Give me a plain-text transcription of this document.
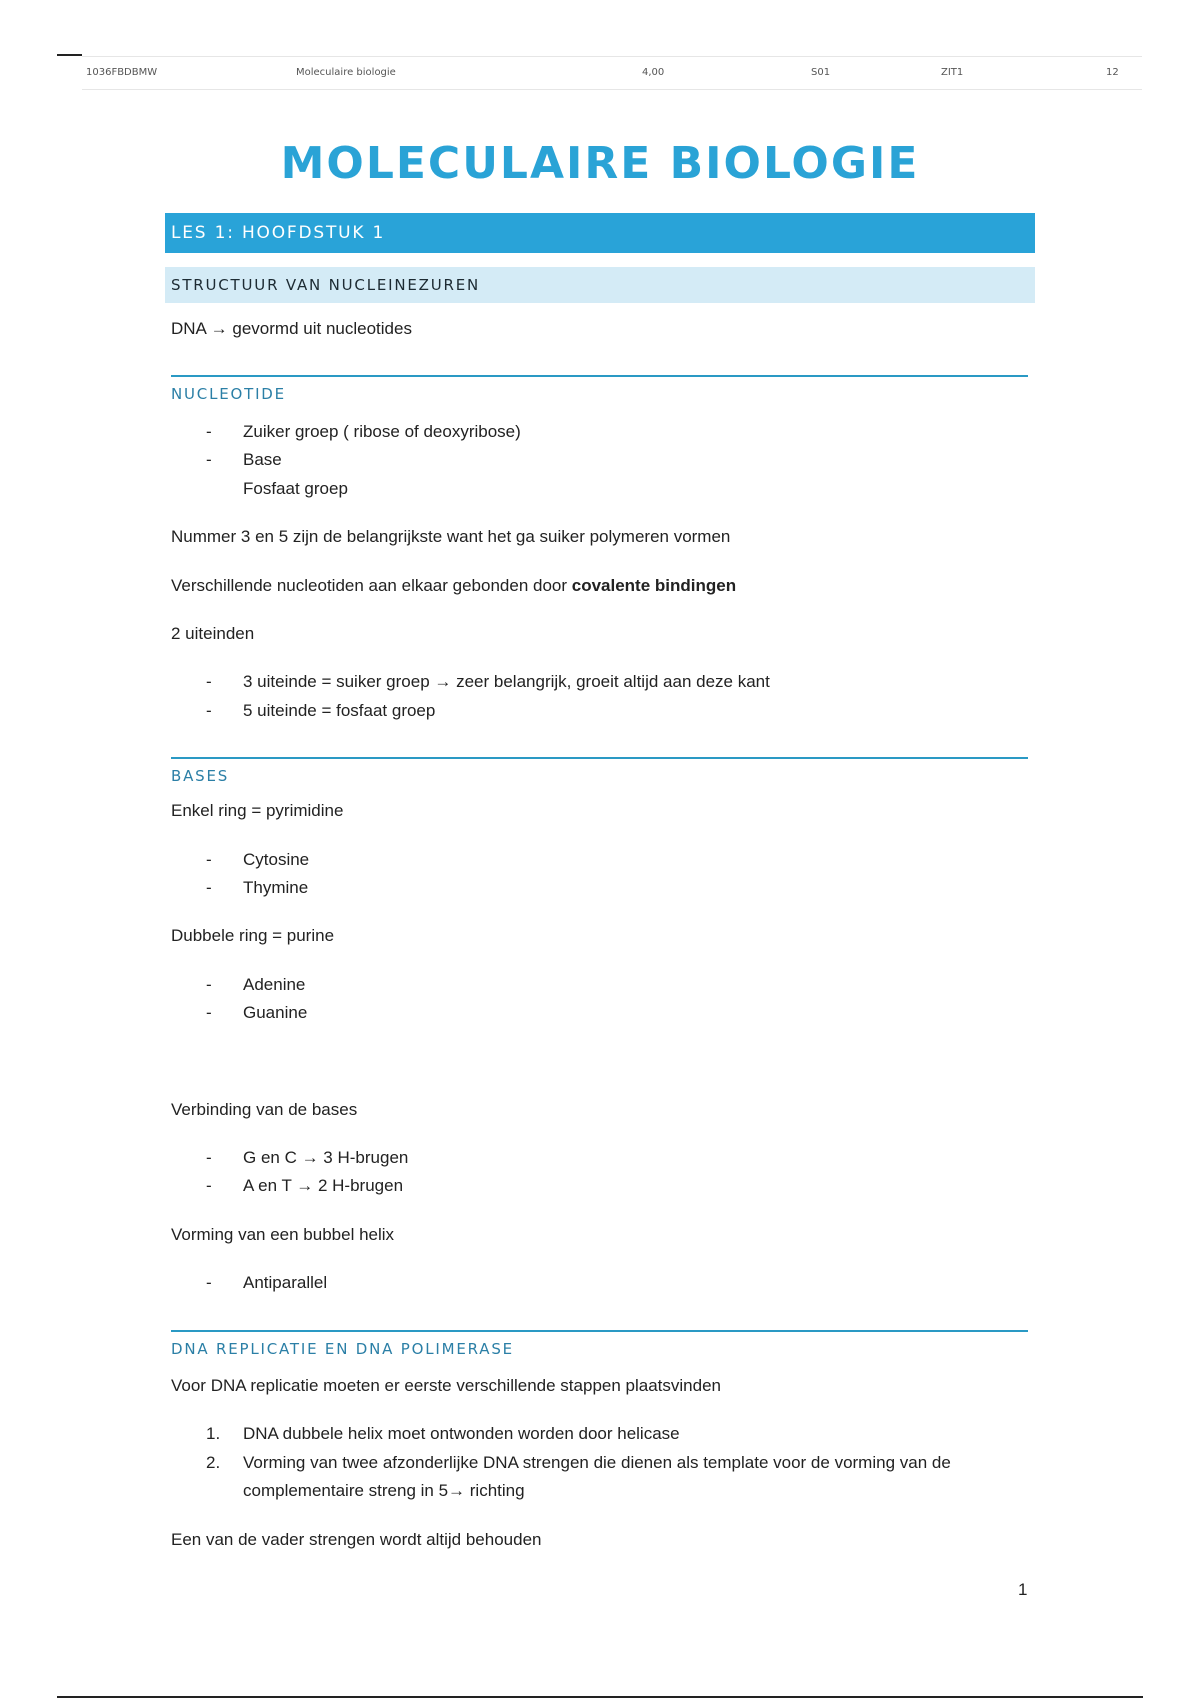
1036FBDBMW	Moleculaire biologie	4,00	S01	ZIT1	12
MOLECULAIRE BIOLOGIE
LES 1: HOOFDSTUK 1
STRUCTUUR VAN NUCLEINEZUREN
DNA → gevormd uit nucleotides
NUCLEOTIDE
- Zuiker groep ( ribose of deoxyribose)
- Base
Fosfaat groep
Nummer 3 en 5 zijn de belangrijkste want het ga suiker polymeren vormen
Verschillende nucleotiden aan elkaar gebonden door covalente bindingen
2 uiteinden
- 3 uiteinde = suiker groep → zeer belangrijk, groeit altijd aan deze kant
- 5 uiteinde = fosfaat groep
BASES
Enkel ring = pyrimidine
- Cytosine
- Thymine
Dubbele ring = purine
- Adenine
- Guanine
Verbinding van de bases
- G en C → 3 H-brugen
- A en T → 2 H-brugen
Vorming van een bubbel helix
- Antiparallel
DNA REPLICATIE EN DNA POLIMERASE
Voor DNA replicatie moeten er eerste verschillende stappen plaatsvinden
1. DNA dubbele helix moet ontwonden worden door helicase
2. Vorming van twee afzonderlijke DNA strengen die dienen als template voor de vorming van de complementaire streng in 5→ richting
Een van de vader strengen wordt altijd behouden
1
